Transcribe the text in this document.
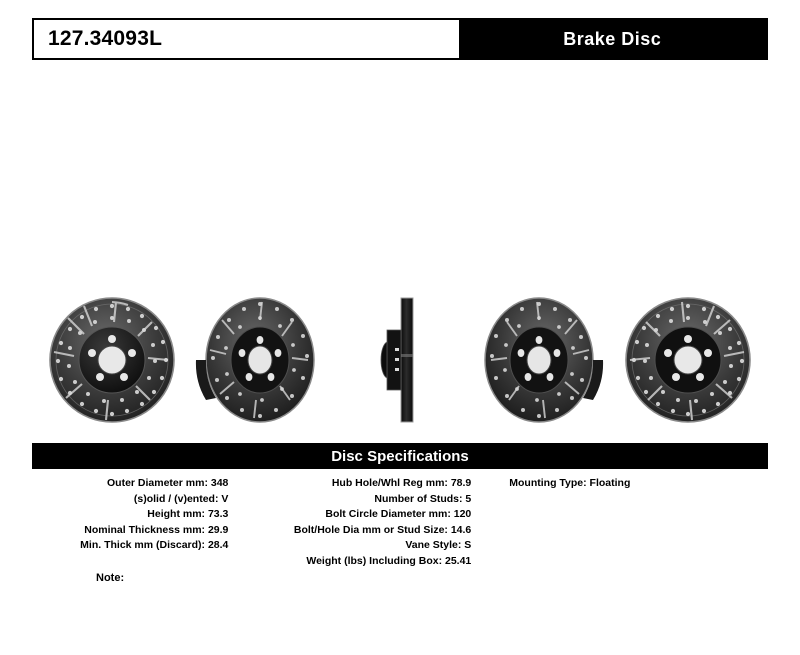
127.34093L	Brake Disc
Disc Specifications
Outer Diameter mm: 348
(s)olid / (v)ented: V
Height mm: 73.3
Nominal Thickness mm: 29.9
Min. Thick mm (Discard): 28.4
Hub Hole/Whl Reg mm: 78.9
Number of Studs: 5
Bolt Circle Diameter mm: 120
Bolt/Hole Dia mm or Stud Size: 14.6
Vane Style: S
Weight (lbs) Including Box: 25.41
Mounting Type: Floating
Note:
